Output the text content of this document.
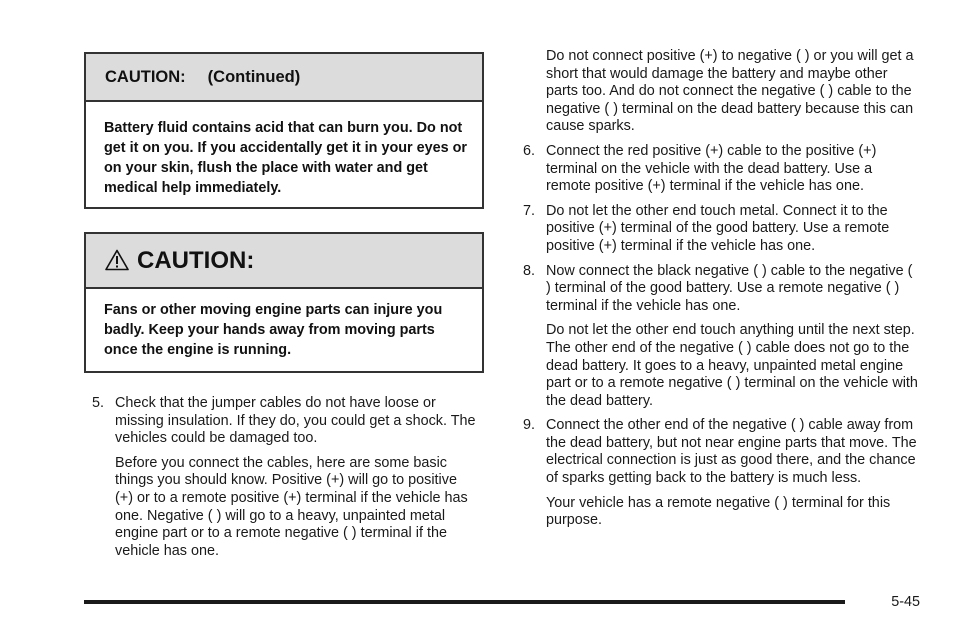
CAUTION: (Continued)
Battery fluid contains acid that can burn you. Do not get it on you. If you accidentally get it in your eyes or on your skin, flush the place with water and get medical help immediately.
CAUTION:
Fans or other moving engine parts can injure you badly. Keep your hands away from moving parts once the engine is running.
5. Check that the jumper cables do not have loose or missing insulation. If they do, you could get a shock. The vehicles could be damaged too.

Before you connect the cables, here are some basic things you should know. Positive (+) will go to positive (+) or to a remote positive (+) terminal if the vehicle has one. Negative ( ) will go to a heavy, unpainted metal engine part or to a remote negative ( ) terminal if the vehicle has one.

Do not connect positive (+) to negative ( ) or you will get a short that would damage the battery and maybe other parts too. And do not connect the negative ( ) cable to the negative ( ) terminal on the dead battery because this can cause sparks.

6. Connect the red positive (+) cable to the positive (+) terminal on the vehicle with the dead battery. Use a remote positive (+) terminal if the vehicle has one.

7. Do not let the other end touch metal. Connect it to the positive (+) terminal of the good battery. Use a remote positive (+) terminal if the vehicle has one.

8. Now connect the black negative ( ) cable to the negative ( ) terminal of the good battery. Use a remote negative ( ) terminal if the vehicle has one.

Do not let the other end touch anything until the next step. The other end of the negative ( ) cable does not go to the dead battery. It goes to a heavy, unpainted metal engine part or to a remote negative ( ) terminal on the vehicle with the dead battery.

9. Connect the other end of the negative ( ) cable away from the dead battery, but not near engine parts that move. The electrical connection is just as good there, and the chance of sparks getting back to the battery is much less.

Your vehicle has a remote negative ( ) terminal for this purpose.

5-45
